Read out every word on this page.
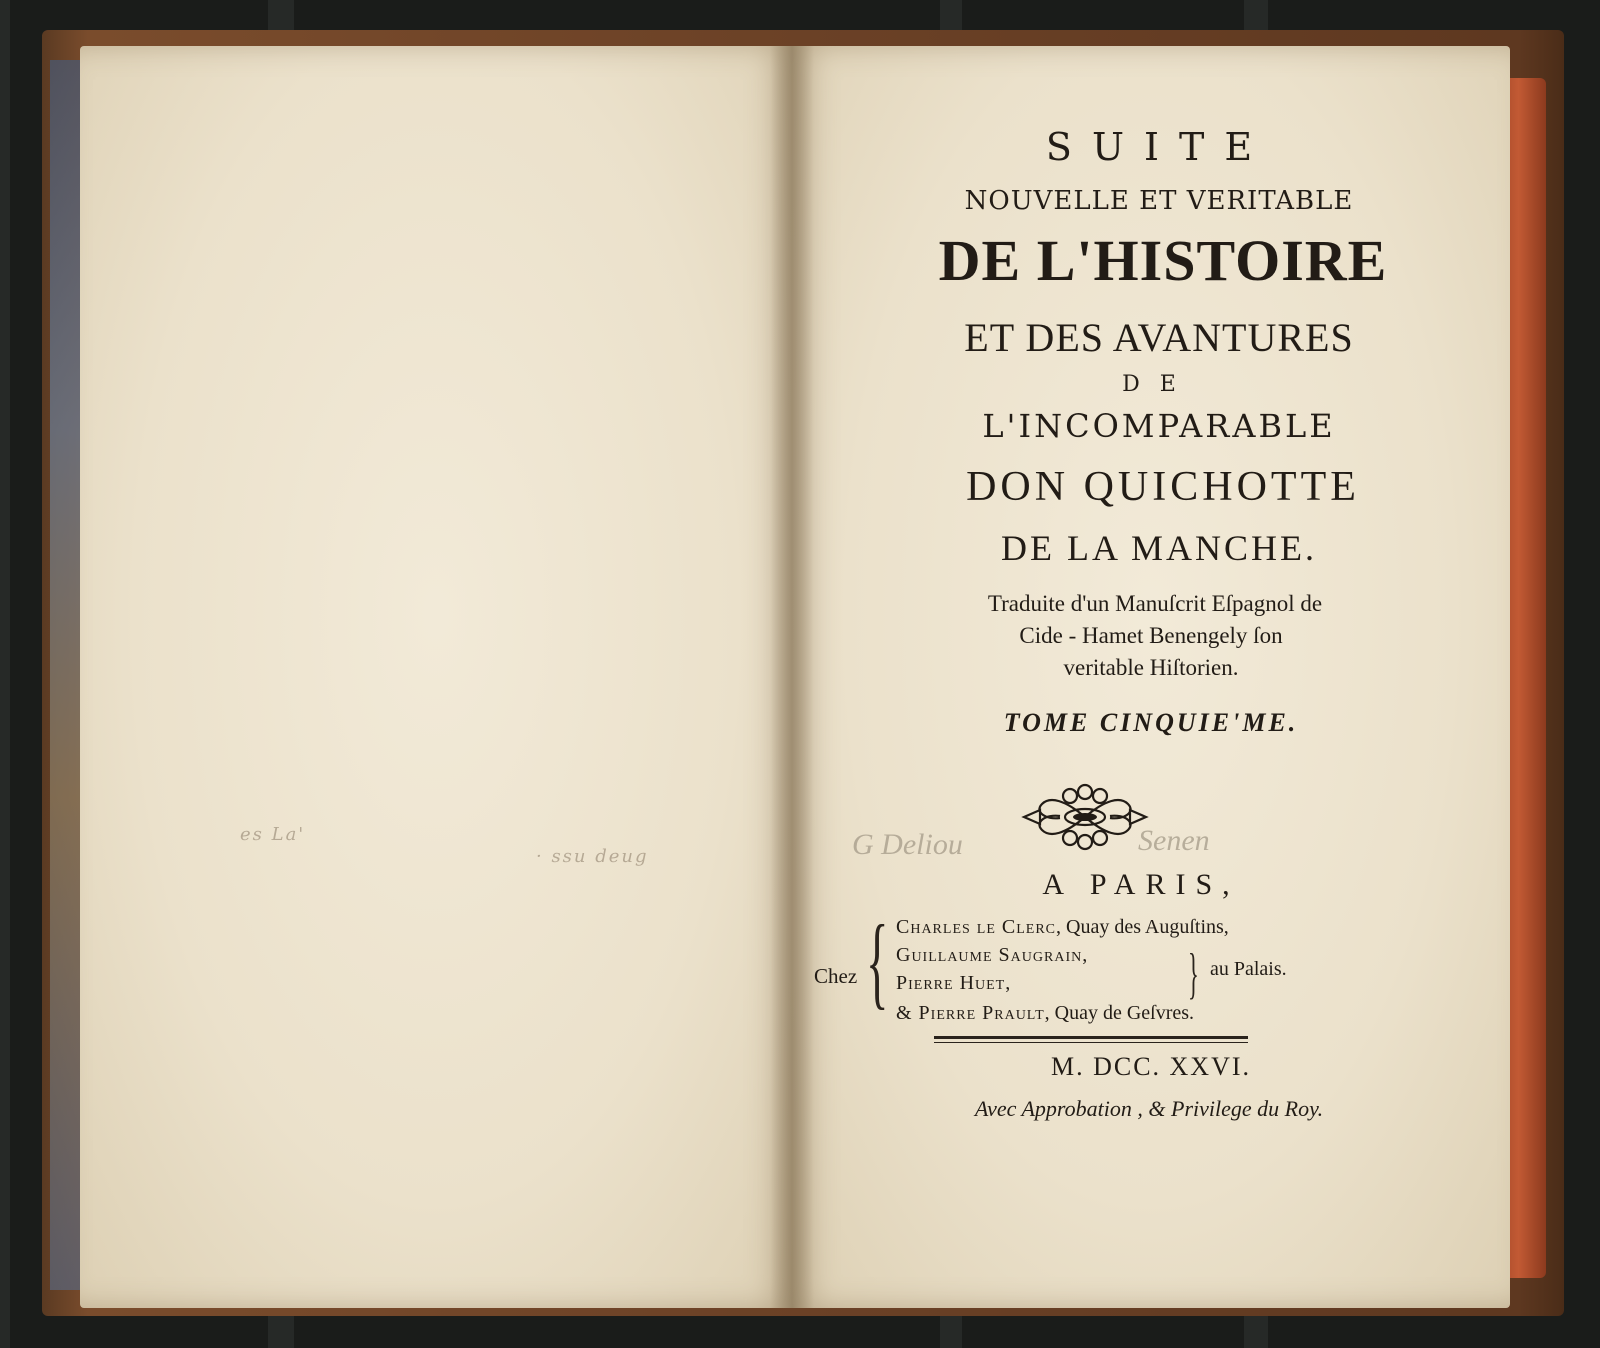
es La'
· ssu deug
SUITE
NOUVELLE ET VERITABLE
DE L'HISTOIRE
ET DES AVANTURES
DE
L'INCOMPARABLE
DON QUICHOTTE
DE LA MANCHE.
Traduite d'un Manuſcrit Eſpagnol de
Cide - Hamet Benengely ſon
veritable Hiſtorien.
TOME CINQUIE'ME.
G Deliou	Senen
A PARIS,
Chez { Charles le Clerc, Quay des Auguſtins,
Guillaume Saugrain,
Pierre Huet,
& Pierre Prault, Quay de Geſvres.
} au Palais.
M. DCC. XXVI.
Avec Approbation , & Privilege du Roy.
